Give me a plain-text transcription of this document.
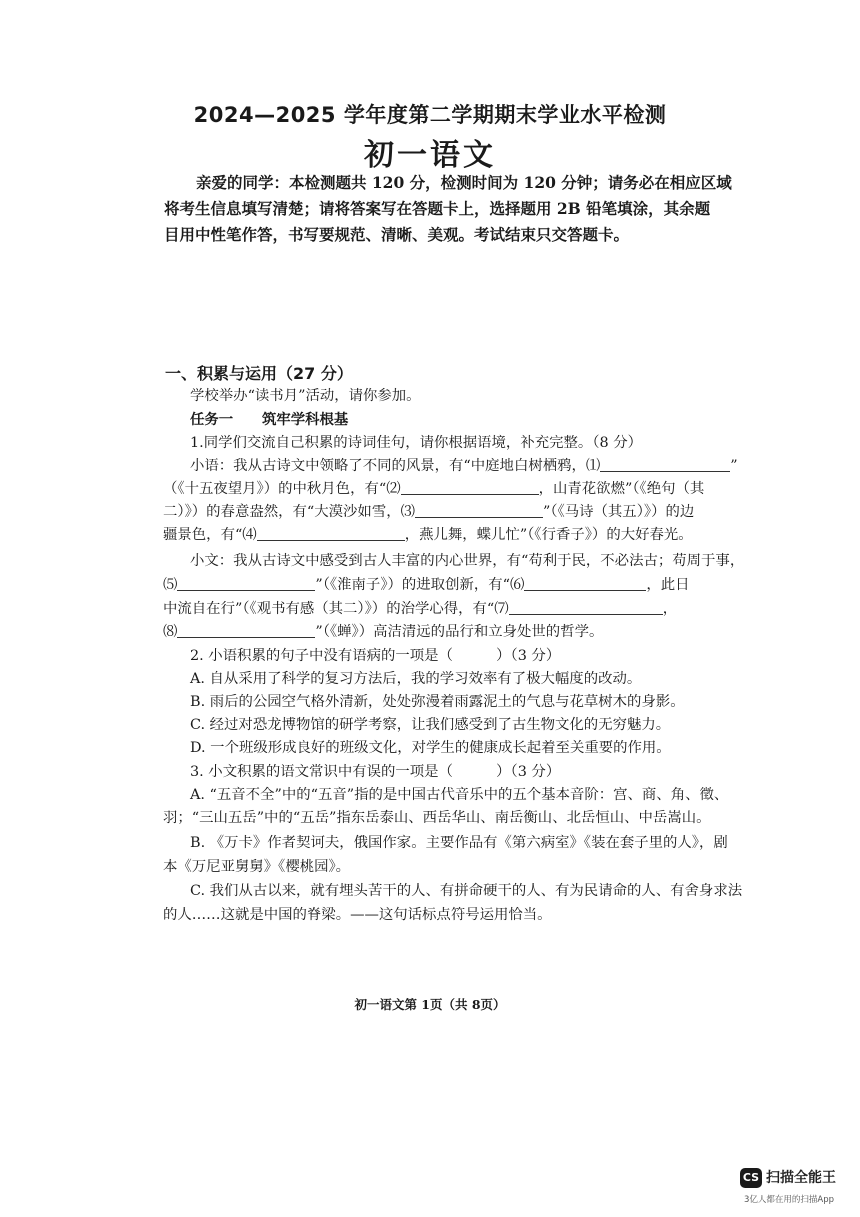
2024—2025 学年度第二学期期末学业水平检测
初一语文

亲爱的同学：本检测题共 120 分，检测时间为 120 分钟；请务必在相应区域
将考生信息填写清楚；请将答案写在答题卡上，选择题用 2B 铅笔填涂，其余题
目用中性笔作答，书写要规范、清晰、美观。考试结束只交答题卡。

一、积累与运用（27 分）
学校举办“读书月”活动，请你参加。
任务一　　筑牢学科根基
1.同学们交流自己积累的诗词佳句，请你根据语境，补充完整。（8 分）
小语：我从古诗文中领略了不同的风景，有“中庭地白树栖鸦，⑴	”
（《十五夜望月》）的中秋月色，有“⑵	，山青花欲燃”（《绝句（其
二）》）的春意盎然，有“大漠沙如雪，⑶	”（《马诗（其五）》）的边
疆景色，有“⑷	，燕儿舞，蝶儿忙”（《行香子》）的大好春光。
小文：我从古诗文中感受到古人丰富的内心世界，有“苟利于民，不必法古；苟周于事，
⑸	”（《淮南子》）的进取创新，有“⑹	，此日
中流自在行”（《观书有感（其二）》）的治学心得，有“⑺	，
⑻	”（《蝉》）高洁清远的品行和立身处世的哲学。
2. 小语积累的句子中没有语病的一项是（　　　）（3 分）
A. 自从采用了科学的复习方法后，我的学习效率有了极大幅度的改动。
B. 雨后的公园空气格外清新，处处弥漫着雨露泥土的气息与花草树木的身影。
C. 经过对恐龙博物馆的研学考察，让我们感受到了古生物文化的无穷魅力。
D. 一个班级形成良好的班级文化，对学生的健康成长起着至关重要的作用。
3. 小文积累的语文常识中有误的一项是（　　　）（3 分）
A. “五音不全”中的“五音”指的是中国古代音乐中的五个基本音阶：宫、商、角、徵、
羽；“三山五岳”中的“五岳”指东岳泰山、西岳华山、南岳衡山、北岳恒山、中岳嵩山。
B. 《万卡》作者契诃夫，俄国作家。主要作品有《第六病室》《装在套子里的人》，剧
本《万尼亚舅舅》《樱桃园》。
C. 我们从古以来，就有埋头苦干的人、有拼命硬干的人、有为民请命的人、有舍身求法
的人……这就是中国的脊梁。——这句话标点符号运用恰当。
初一语文第 1页（共 8页）
CS 扫描全能王
3亿人都在用的扫描App
